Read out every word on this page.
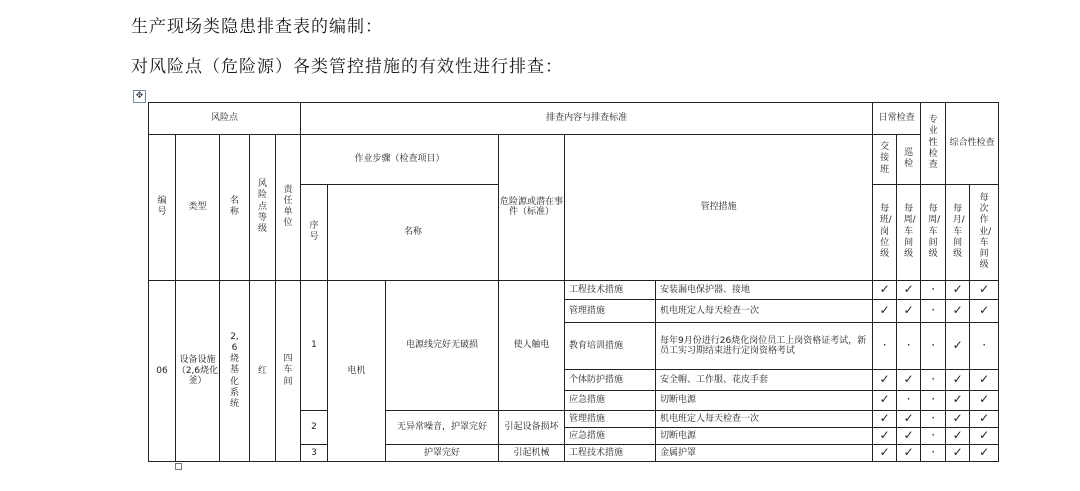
生产现场类隐患排查表的编制：
对风险点（危险源）各类管控措施的有效性进行排查：
✥
风险点					排查内容与排查标准						日常检查		专业性检查	综合性检查	
编号	类型	名称	风险点等级	责任单位	作业步骤（检查项目）			危险源或潜在事件（标准）	管控措施		交接班	巡检			
					序号	名称					每班/岗位级	每周/车间级	每周/车间级	每月/车间级	每次作业/车间级

06	设备设施（2,6烧化釜）	2,6烧基化系统	红	四车间	1	电机	电源线完好无破损	使人触电	工程技术措施	安装漏电保护器、接地	✓	✓	·	✓	✓
									管理措施	机电班定人每天检查一次	✓	✓	·	✓	✓
									教育培训措施	每年9月份进行26烧化岗位员工上岗资格证考试，新员工实习期结束进行定岗资格考试	·	·	·	✓	·
									个体防护措施	安全帽、工作服、花皮手套	✓	✓	·	✓	✓
									应急措施	切断电源	✓	·	·	✓	✓
					2		无异常噪音，护罩完好	引起设备损坏	管理措施	机电班定人每天检查一次	✓	✓	·	✓	✓
									应急措施	切断电源	✓	✓	·	✓	✓
					3		护罩完好	引起机械	工程技术措施	金属护罩	✓	✓	·	✓	✓
